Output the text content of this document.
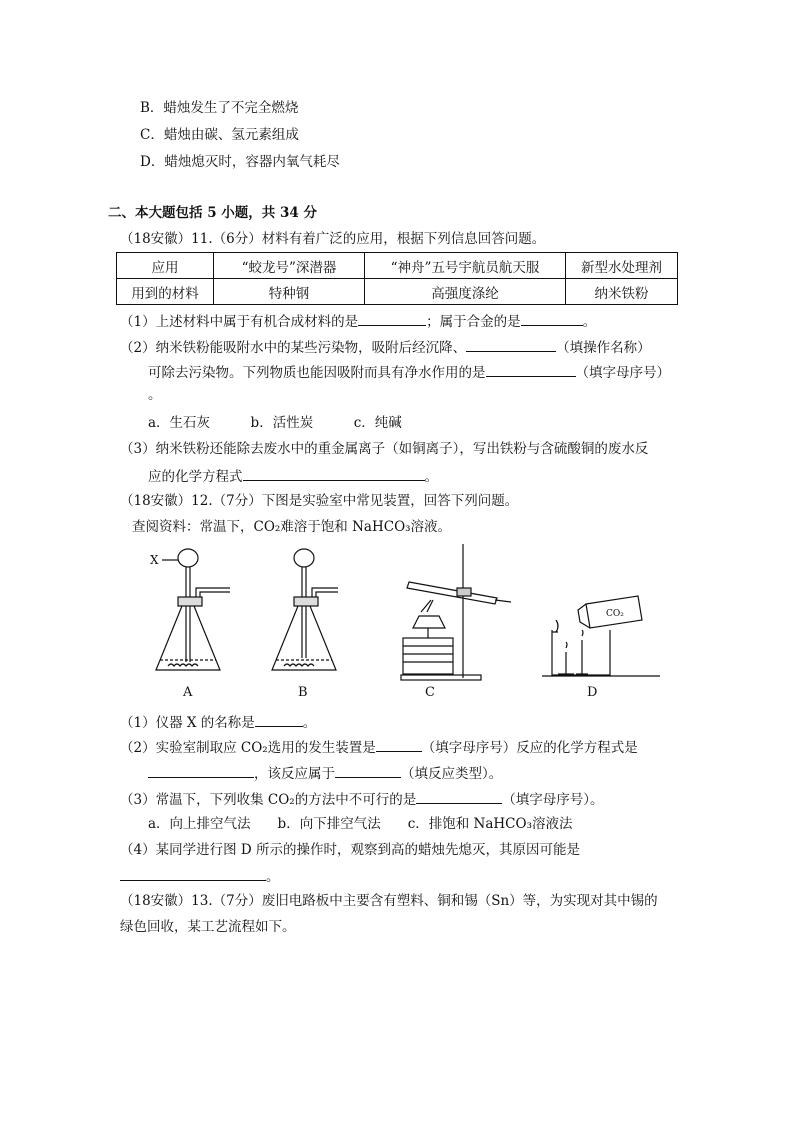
B．蜡烛发生了不完全燃烧
C．蜡烛由碳、氢元素组成
D．蜡烛熄灭时，容器内氧气耗尽
二、本大题包括 5 小题，共 34 分
（18安徽）11.（6分）材料有着广泛的应用，根据下列信息回答问题。
应用	“蛟龙号”深潜器	“神舟”五号宇航员航天服	新型水处理剂
用到的材料	特种钢	高强度涤纶	纳米铁粉
（1）上述材料中属于有机合成材料的是	；属于合金的是	。
（2）纳米铁粉能吸附水中的某些污染物，吸附后经沉降、	（填操作名称）
可除去污染物。下列物质也能因吸附而具有净水作用的是	（填字母序号）
。
a．生石灰　　　b．活性炭　　　c．纯碱
（3）纳米铁粉还能除去废水中的重金属离子（如铜离子），写出铁粉与含硫酸铜的废水反
应的化学方程式	。
（18安徽）12.（7分）下图是实验室中常见装置，回答下列问题。
查阅资料：常温下，CO₂难溶于饱和 NaHCO₃溶液。
X
CO₂
A	B	C	D
（1）仪器 X 的名称是	。
（2）实验室制取应 CO₂选用的发生装置是	（填字母序号）反应的化学方程式是
，该反应属于	（填反应类型）。
（3）常温下，下列收集 CO₂的方法中不可行的是	（填字母序号）。
a．向上排空气法　　b．向下排空气法　　c．排饱和 NaHCO₃溶液法
（4）某同学进行图 D 所示的操作时，观察到高的蜡烛先熄灭，其原因可能是
。
（18安徽）13.（7分）废旧电路板中主要含有塑料、铜和锡（Sn）等，为实现对其中锡的
绿色回收，某工艺流程如下。
